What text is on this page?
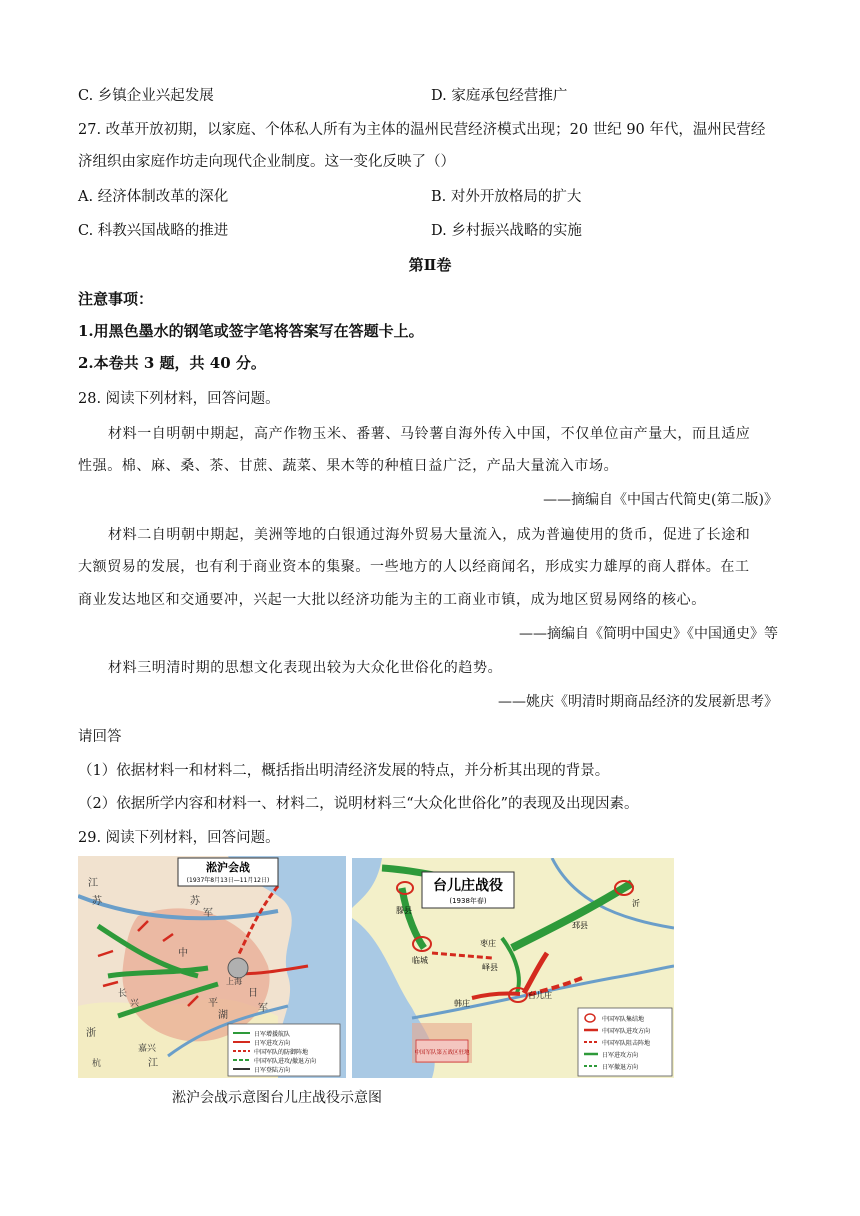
C. 乡镇企业兴起发展	D. 家庭承包经营推广
27. 改革开放初期，以家庭、个体私人所有为主体的温州民营经济模式出现；20 世纪 90 年代，温州民营经
济组织由家庭作坊走向现代企业制度。这一变化反映了（）
A. 经济体制改革的深化	B. 对外开放格局的扩大
C. 科教兴国战略的推进	D. 乡村振兴战略的实施
第Ⅱ卷
注意事项：
1.用黑色墨水的钢笔或签字笔将答案写在答题卡上。
2.本卷共 3 题，共 40 分。
28. 阅读下列材料，回答问题。
材料一自明朝中期起，高产作物玉米、番薯、马铃薯自海外传入中国，不仅单位亩产量大，而且适应
性强。棉、麻、桑、茶、甘蔗、蔬菜、果木等的种植日益广泛，产品大量流入市场。
——摘编自《中国古代简史(第二版)》
材料二自明朝中期起，美洲等地的白银通过海外贸易大量流入，成为普遍使用的货币，促进了长途和
大额贸易的发展，也有利于商业资本的集聚。一些地方的人以经商闻名，形成实力雄厚的商人群体。在工
商业发达地区和交通要冲，兴起一大批以经济功能为主的工商业市镇，成为地区贸易网络的核心。
——摘编自《简明中国史》《中国通史》等
材料三明清时期的思想文化表现出较为大众化世俗化的趋势。
——姚庆《明清时期商品经济的发展新思考》
请回答
（1）依据材料一和材料二，概括指出明清经济发展的特点，并分析其出现的背景。
（2）依据所学内容和材料一、材料二，说明材料三“大众化世俗化”的表现及出现因素。
29. 阅读下列材料，回答问题。
淞沪会战
(1937年8月13日—11月12日)
江
苏
浙
杭
长
兴
嘉兴
平
湖
中
日
军
江
苏
军
上海
日军增援航队
日军进攻方向
中国军队的防御阵地
中国军队进攻/撤退方向
日军登陆方向
台儿庄战役
(1938年春)
滕县
枣庄
峄县
台儿庄
韩庄
沂
临城
邳县
中国军队第五战区驻地
中国军队集结地
中国军队进攻方向
中国军队阻击阵地
日军进攻方向
日军撤退方向
淞沪会战示意图台儿庄战役示意图
